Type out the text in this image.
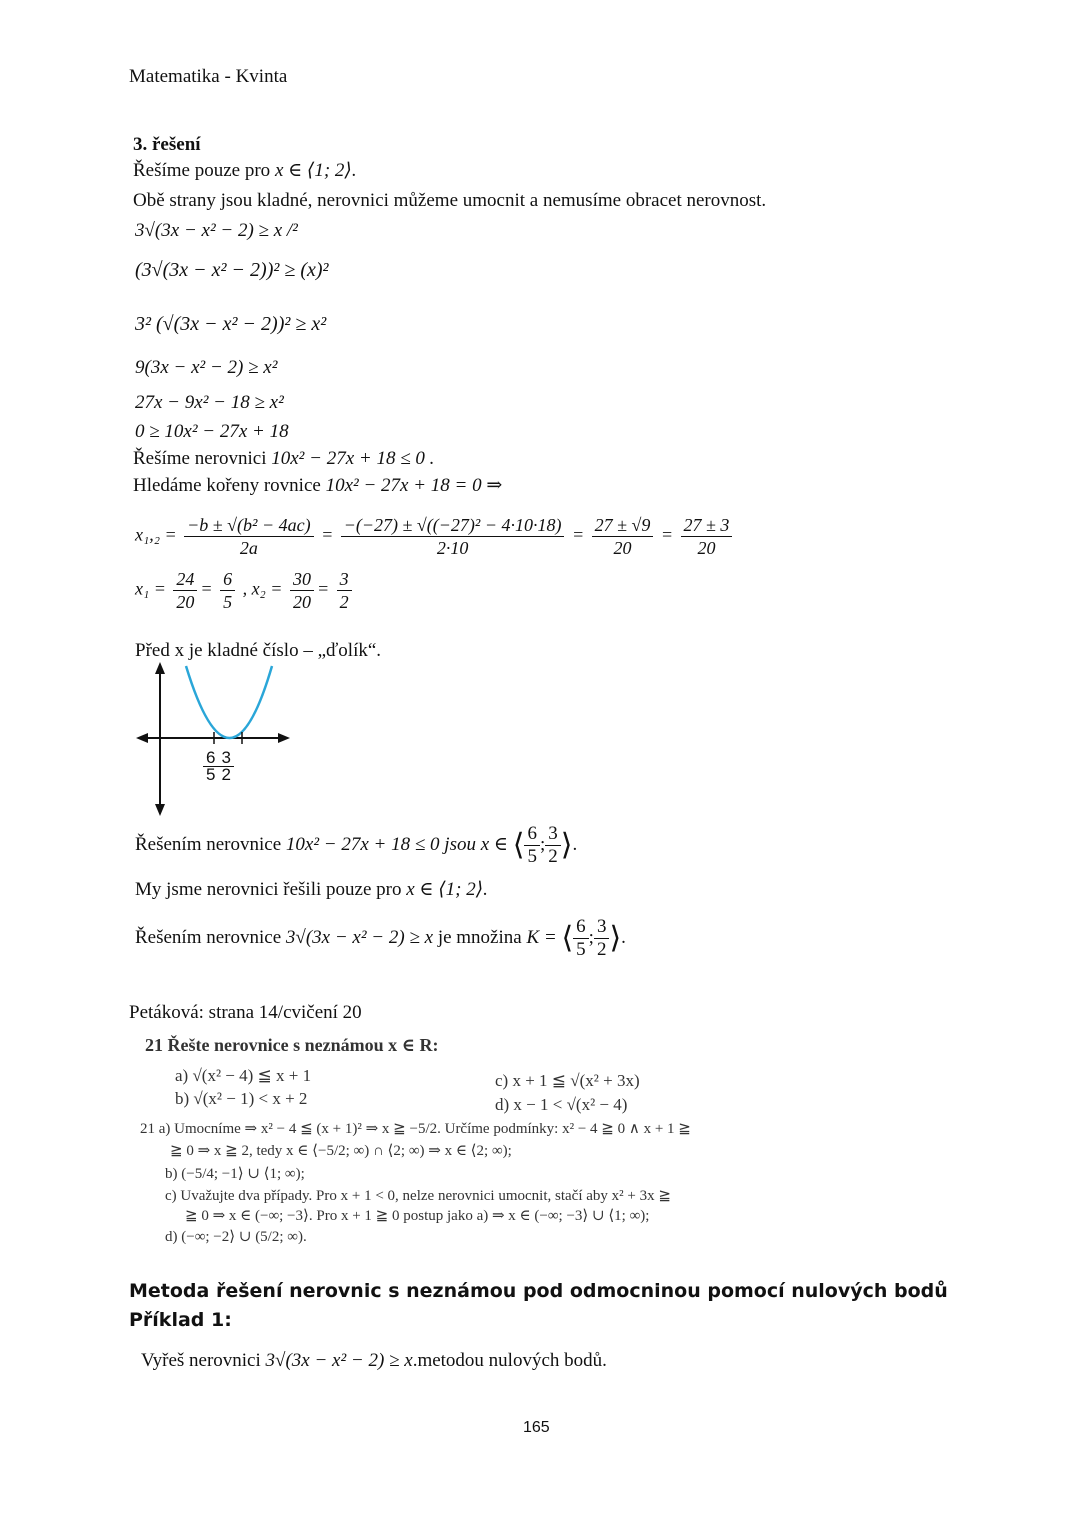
Matematika - Kvinta
3. řešení
Řešíme pouze pro x ∈ ⟨1; 2⟩.
Obě strany jsou kladné, nerovnici můžeme umocnit a nemusíme obracet nerovnost.
3√(3x − x² − 2) ≥ x /²
(3√(3x − x² − 2))² ≥ (x)²
3² (√(3x − x² − 2))² ≥ x²
9(3x − x² − 2) ≥ x²
27x − 9x² − 18 ≥ x²
0 ≥ 10x² − 27x + 18
Řešíme nerovnici 10x² − 27x + 18 ≤ 0 .
Hledáme kořeny rovnice 10x² − 27x + 18 = 0 ⇒
$x_1,_2 = \frac{\text{−b ± √(b² − 4ac)}}{2a} = \frac{\text{−(−27) ± √((−27)² − 4·10·18)}}{2\cdot 10} = \frac{27 \pm √9}{20} = \frac{27 \pm 3}{20}$
$x_1 = \frac{24}{20} = \frac{6}{5}$ , $x_2 = \frac{30}{20} = \frac{3}{2}$
Před x je kladné číslo – „ďolík“.
$\frac{6}{5} \frac{3}{2}$
Řešením nerovnice 10x² − 27x + 18 ≤ 0 jsou x ∈ ⟨ $\frac{6}{5}$ ; $\frac{3}{2}$ ⟩.
My jsme nerovnici řešili pouze pro x ∈ ⟨1; 2⟩.
Řešením nerovnice 3√(3x − x² − 2) ≥ x je množina K = ⟨ $\frac{6}{5}$ ; $\frac{3}{2}$ ⟩.
Petáková: strana 14/cvičení 20
21 Řešte nerovnice s neznámou x ∈ R:
a) √(x² − 4) ≦ x + 1
b) √(x² − 1) < x + 2
c) x + 1 ≦ √(x² + 3x)
d) x − 1 < √(x² − 4)
21 a) Umocníme ⇒ x² − 4 ≦ (x + 1)² ⇒ x ≧ −5/2. Určíme podmínky: x² − 4 ≧ 0 ∧ x + 1 ≧
≧ 0 ⇒ x ≧ 2, tedy x ∈ ⟨−5/2; ∞) ∩ ⟨2; ∞) ⇒ x ∈ ⟨2; ∞);
b) (−5/4; −1⟩ ∪ ⟨1; ∞);
c) Uvažujte dva případy. Pro x + 1 < 0, nelze nerovnici umocnit, stačí aby x² + 3x ≧
≧ 0 ⇒ x ∈ (−∞; −3⟩. Pro x + 1 ≧ 0 postup jako a) ⇒ x ∈ (−∞; −3⟩ ∪ ⟨1; ∞);
d) (−∞; −2⟩ ∪ (5/2; ∞).
Metoda řešení nerovnic s neznámou pod odmocninou pomocí nulových bodů
Příklad 1:
Vyřeš nerovnici 3√(3x − x² − 2) ≥ x.metodou nulových bodů.
165
